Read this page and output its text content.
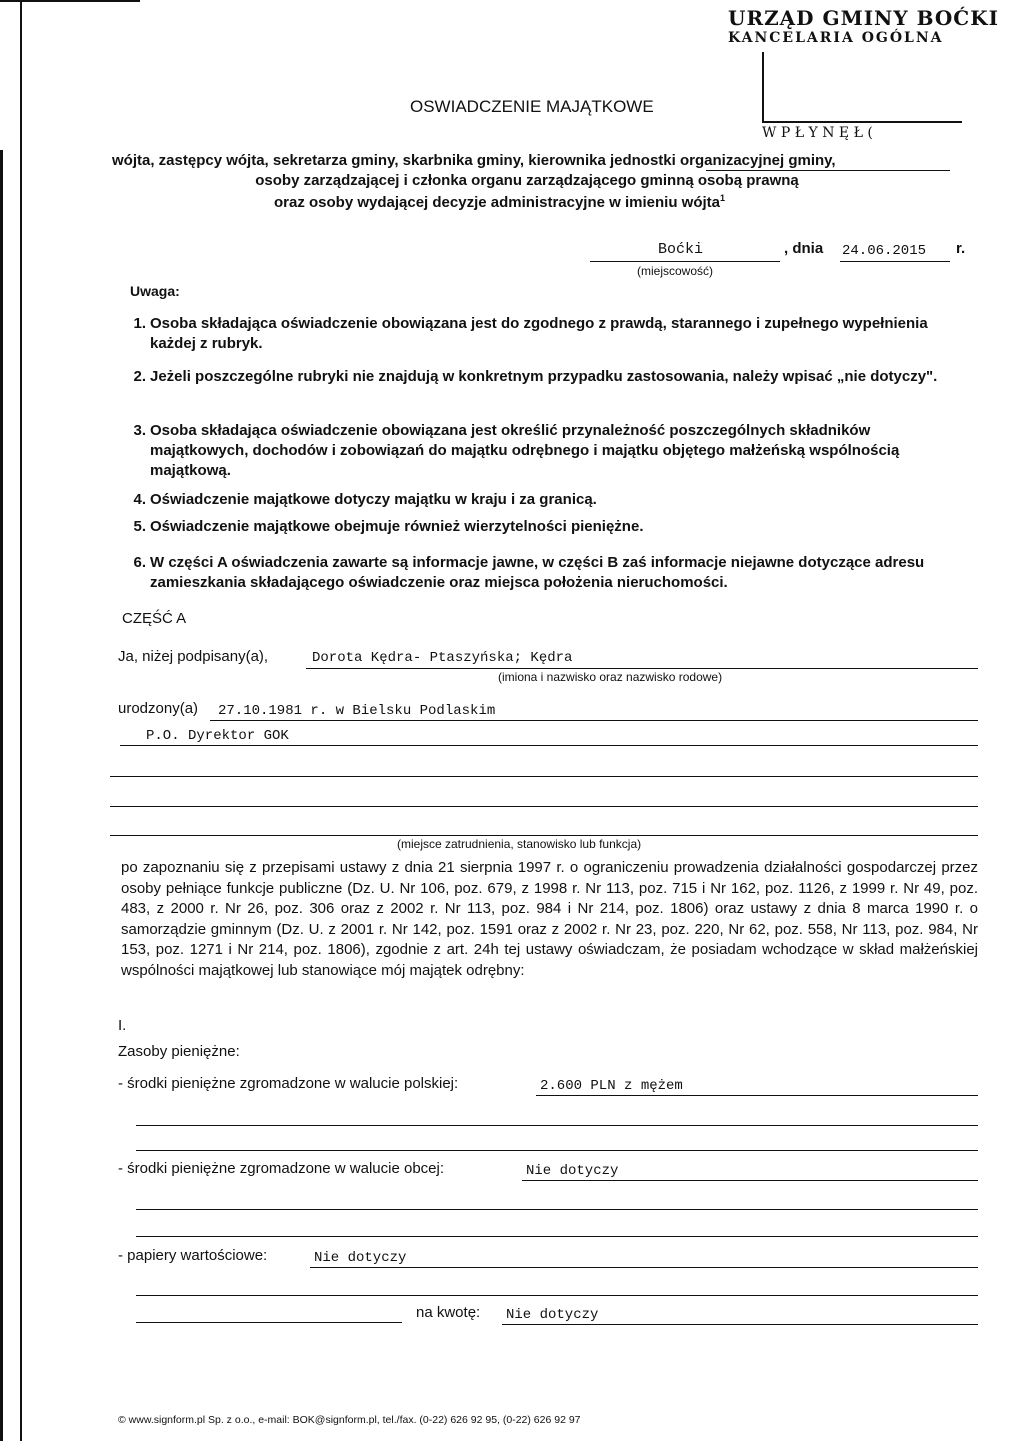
URZĄD GMINY BOĆKI
KANCELARIA OGÓLNA
W P Ł Y N Ę Ł (
OSWIADCZENIE MAJĄTKOWE
wójta, zastępcy wójta, sekretarza gminy, skarbnika gminy, kierownika jednostki organizacyjnej gminy,
osoby zarządzającej i członka organu zarządzającego gminną osobą prawną
oraz osoby wydającej decyzje administracyjne w imieniu wójta$^1$
Boćki	, dnia 24.06.2015 r.
(miejscowość)
Uwaga:
1. Osoba składająca oświadczenie obowiązana jest do zgodnego z prawdą, starannego i zupełnego wypełnienia każdej z rubryk.
2. Jeżeli poszczególne rubryki nie znajdują w konkretnym przypadku zastosowania, należy wpisać „nie dotyczy".
3. Osoba składająca oświadczenie obowiązana jest określić przynależność poszczególnych składników majątkowych, dochodów i zobowiązań do majątku odrębnego i majątku objętego małżeńską wspólnością majątkową.
4. Oświadczenie majątkowe dotyczy majątku w kraju i za granicą.
5. Oświadczenie majątkowe obejmuje również wierzytelności pieniężne.
6. W części A oświadczenia zawarte są informacje jawne, w części B zaś informacje niejawne dotyczące adresu zamieszkania składającego oświadczenie oraz miejsca położenia nieruchomości.
CZĘŚĆ A
Ja, niżej podpisany(a),	Dorota Kędra- Ptaszyńska; Kędra
(imiona i nazwisko oraz nazwisko rodowe)
urodzony(a) 27.10.1981 r. w Bielsku Podlaskim
P.O. Dyrektor GOK
(miejsce zatrudnienia, stanowisko lub funkcja)
po zapoznaniu się z przepisami ustawy z dnia 21 sierpnia 1997 r. o ograniczeniu prowadzenia działalności gospodarczej przez osoby pełniące funkcje publiczne (Dz. U. Nr 106, poz. 679, z 1998 r. Nr 113, poz. 715 i Nr 162, poz. 1126, z 1999 r. Nr 49, poz. 483, z 2000 r. Nr 26, poz. 306 oraz z 2002 r. Nr 113, poz. 984 i Nr 214, poz. 1806) oraz ustawy z dnia 8 marca 1990 r. o samorządzie gminnym (Dz. U. z 2001 r. Nr 142, poz. 1591 oraz z 2002 r. Nr 23, poz. 220, Nr 62, poz. 558, Nr 113, poz. 984, Nr 153, poz. 1271 i Nr 214, poz. 1806), zgodnie z art. 24h tej ustawy oświadczam, że posiadam wchodzące w skład małżeńskiej wspólności majątkowej lub stanowiące mój majątek odrębny:
I.
Zasoby pieniężne:
- środki pieniężne zgromadzone w walucie polskiej:	2.600 PLN z mężem
- środki pieniężne zgromadzone w walucie obcej:	Nie dotyczy
- papiery wartościowe:	Nie dotyczy
na kwotę: Nie dotyczy
© www.signform.pl Sp. z o.o., e-mail: BOK@signform.pl, tel./fax. (0-22) 626 92 95, (0-22) 626 92 97
